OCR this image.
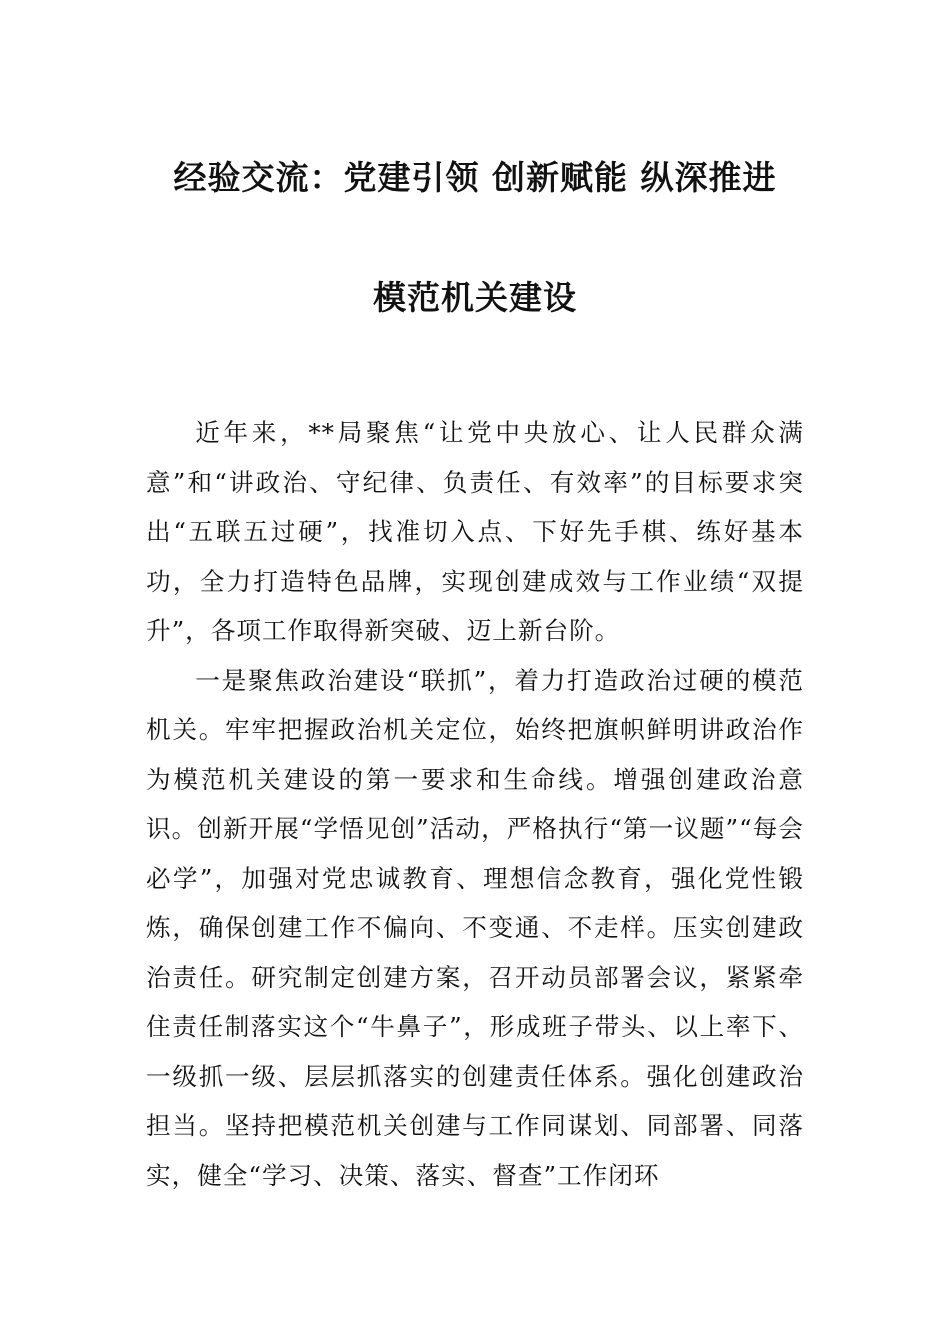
经验交流：党建引领 创新赋能 纵深推进
模范机关建设

近年来，**局聚焦“让党中央放心、让人民群众满意”和“讲政治、守纪律、负责任、有效率”的目标要求突出“五联五过硬”，找准切入点、下好先手棋、练好基本功，全力打造特色品牌，实现创建成效与工作业绩“双提升”，各项工作取得新突破、迈上新台阶。

一是聚焦政治建设“联抓”，着力打造政治过硬的模范机关。牢牢把握政治机关定位，始终把旗帜鲜明讲政治作为模范机关建设的第一要求和生命线。增强创建政治意识。创新开展“学悟见创”活动，严格执行“第一议题”“每会必学”，加强对党忠诚教育、理想信念教育，强化党性锻炼，确保创建工作不偏向、不变通、不走样。压实创建政治责任。研究制定创建方案，召开动员部署会议，紧紧牵住责任制落实这个“牛鼻子”，形成班子带头、以上率下、一级抓一级、层层抓落实的创建责任体系。强化创建政治担当。坚持把模范机关创建与工作同谋划、同部署、同落实，健全“学习、决策、落实、督查”工作闭环
